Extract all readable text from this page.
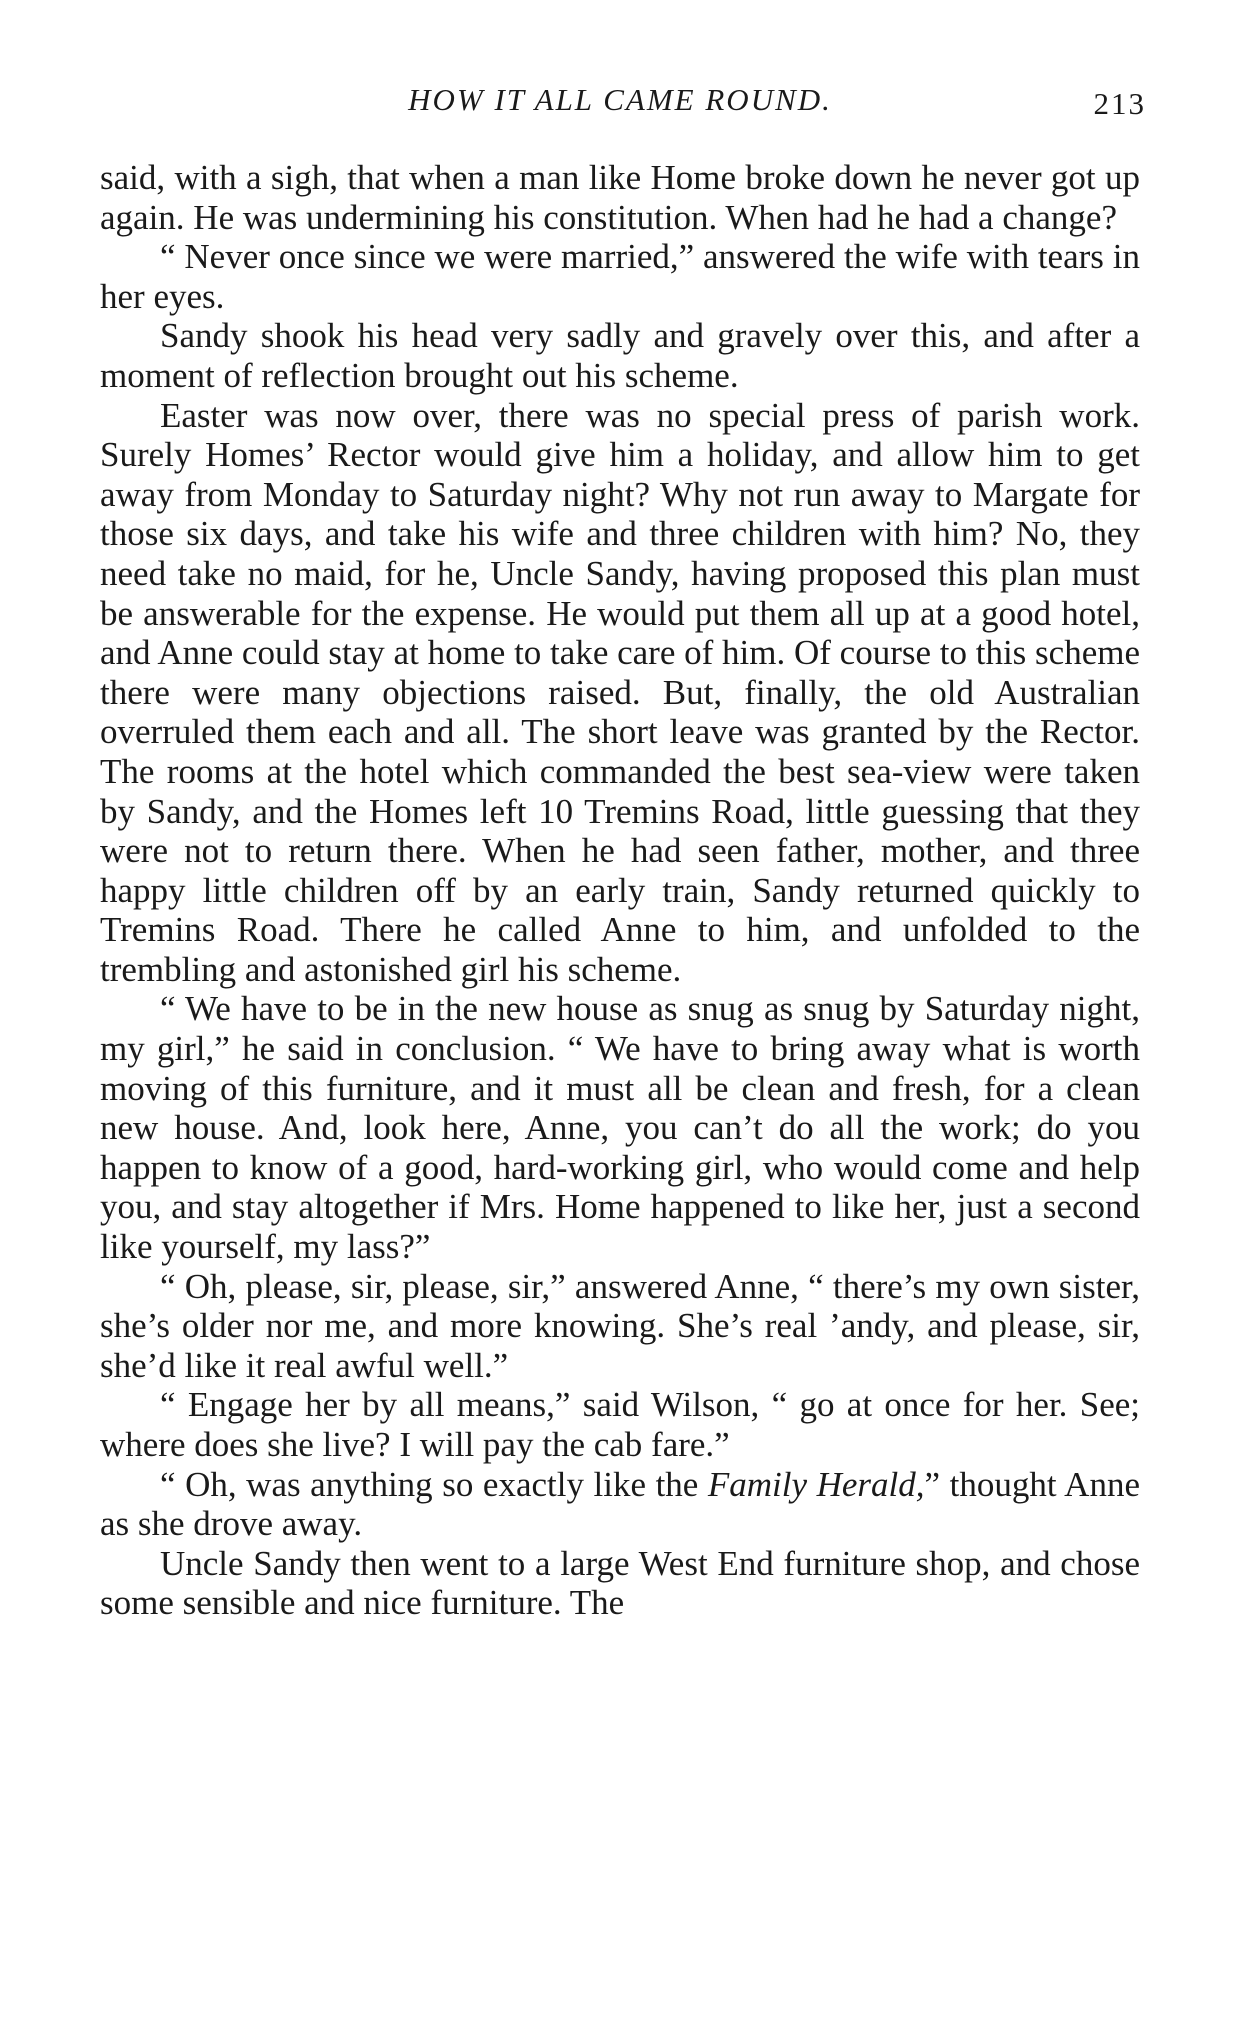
HOW IT ALL CAME ROUND.	213

said, with a sigh, that when a man like Home broke down he never got up again. He was undermining his constitution. When had he had a change?

“ Never once since we were married,” answered the wife with tears in her eyes.

Sandy shook his head very sadly and gravely over this, and after a moment of reflection brought out his scheme.

Easter was now over, there was no special press of parish work. Surely Homes’ Rector would give him a holiday, and allow him to get away from Monday to Saturday night? Why not run away to Margate for those six days, and take his wife and three children with him? No, they need take no maid, for he, Uncle Sandy, having proposed this plan must be answerable for the expense. He would put them all up at a good hotel, and Anne could stay at home to take care of him. Of course to this scheme there were many objections raised. But, finally, the old Australian overruled them each and all. The short leave was granted by the Rector. The rooms at the hotel which commanded the best sea-view were taken by Sandy, and the Homes left 10 Tremins Road, little guessing that they were not to return there. When he had seen father, mother, and three happy little children off by an early train, Sandy returned quickly to Tremins Road. There he called Anne to him, and unfolded to the trembling and astonished girl his scheme.

“ We have to be in the new house as snug as snug by Saturday night, my girl,” he said in conclusion. “ We have to bring away what is worth moving of this furniture, and it must all be clean and fresh, for a clean new house. And, look here, Anne, you can’t do all the work; do you happen to know of a good, hard-working girl, who would come and help you, and stay altogether if Mrs. Home happened to like her, just a second like yourself, my lass?”

“ Oh, please, sir, please, sir,” answered Anne, “ there’s my own sister, she’s older nor me, and more knowing. She’s real ’andy, and please, sir, she’d like it real awful well.”

“ Engage her by all means,” said Wilson, “ go at once for her. See; where does she live? I will pay the cab fare.”

“ Oh, was anything so exactly like the Family Herald,” thought Anne as she drove away.

Uncle Sandy then went to a large West End furniture shop, and chose some sensible and nice furniture. The
